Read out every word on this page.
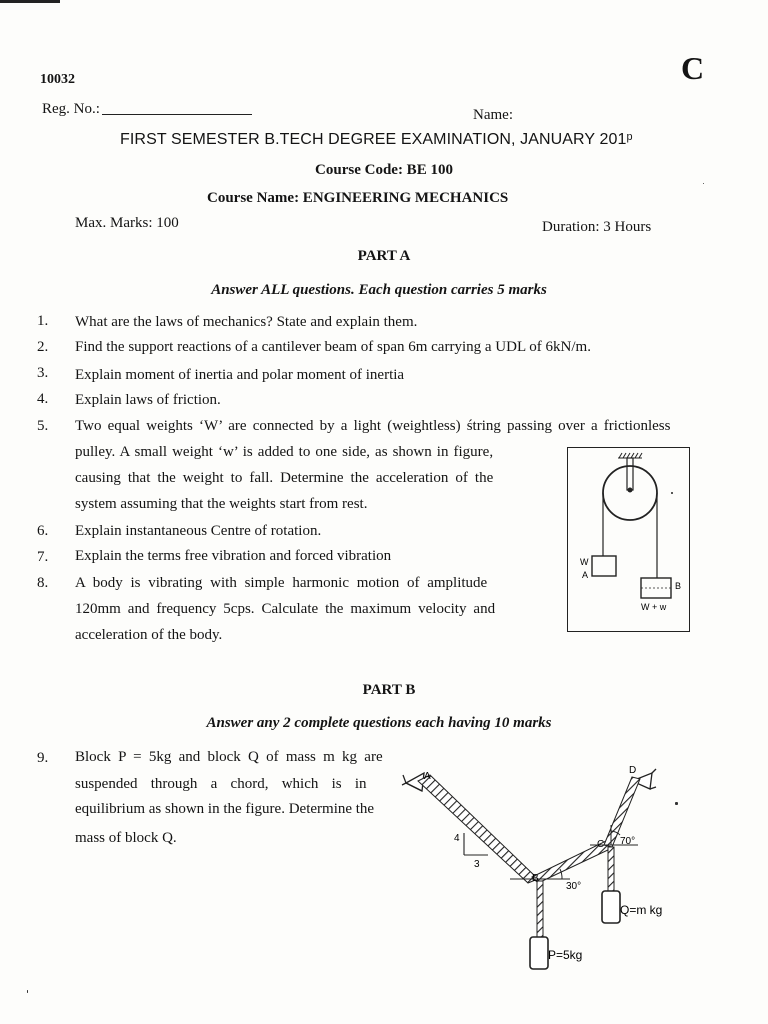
10032	C
Reg. No.:	Name:
FIRST SEMESTER B.TECH DEGREE EXAMINATION, JANUARY 201ᵖ
Course Code: BE 100
Course Name: ENGINEERING MECHANICS
Max. Marks: 100	Duration: 3 Hours
PART A
Answer ALL questions. Each question carries 5 marks
1. What are the laws of mechanics? State and explain them.
2. Find the support reactions of a cantilever beam of span 6m carrying a UDL of 6kN/m.
3. Explain moment of inertia and polar moment of inertia
4. Explain laws of friction.
5. Two equal weights ‘W’ are connected by a light (weightless) śtring passing over a frictionless
pulley. A small weight ‘w’ is added to one side, as shown in figure,
causing that the weight to fall. Determine the acceleration of the
system assuming that the weights start from rest.
6. Explain instantaneous Centre of rotation.
7. Explain the terms free vibration and forced vibration
8. A body is vibrating with simple harmonic motion of amplitude
120mm and frequency 5cps. Calculate the maximum velocity and
acceleration of the body.
W
A
B
W + w
PART B
Answer any 2 complete questions each having 10 marks
9. Block P = 5kg and block Q of mass m kg are
suspended through a chord, which is in
equilibrium as shown in the figure. Determine the
mass of block Q.	4
3
A
B
C
D
30°
70°
Q=m kg
P=5kg
